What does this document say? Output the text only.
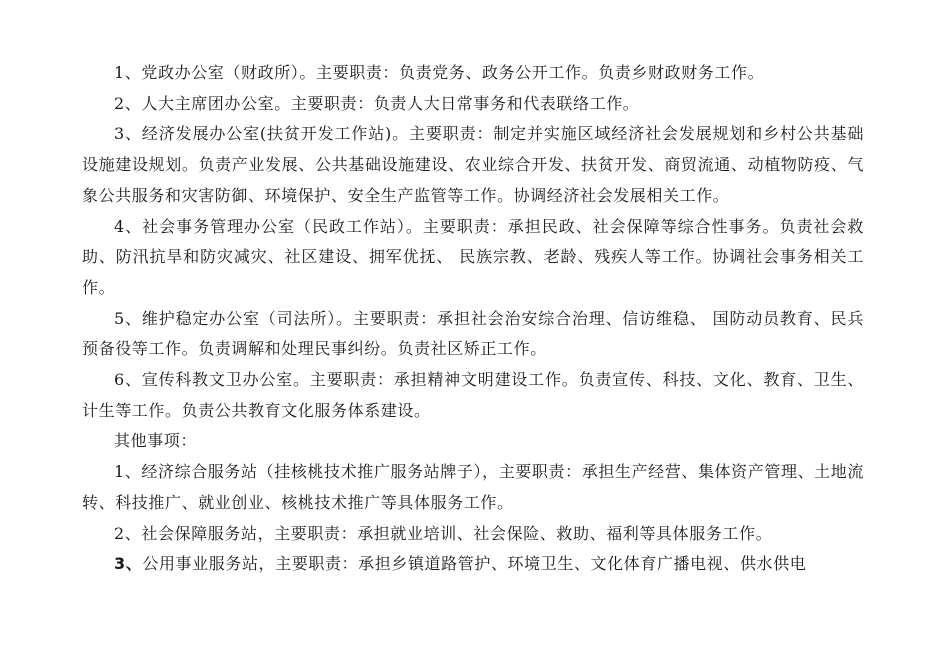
1、党政办公室（财政所）。主要职责：负责党务、政务公开工作。负责乡财政财务工作。

2、人大主席团办公室。主要职责：负责人大日常事务和代表联络工作。

3、经济发展办公室(扶贫开发工作站)。主要职责：制定并实施区域经济社会发展规划和乡村公共基础设施建设规划。负责产业发展、公共基础设施建设、农业综合开发、扶贫开发、商贸流通、动植物防疫、气象公共服务和灾害防御、环境保护、安全生产监管等工作。协调经济社会发展相关工作。

4、社会事务管理办公室（民政工作站）。主要职责：承担民政、社会保障等综合性事务。负责社会救助、防汛抗旱和防灾减灾、社区建设、拥军优抚、 民族宗教、老龄、残疾人等工作。协调社会事务相关工作。

5、维护稳定办公室（司法所）。主要职责：承担社会治安综合治理、信访维稳、 国防动员教育、民兵预备役等工作。负责调解和处理民事纠纷。负责社区矫正工作。

6、宣传科教文卫办公室。主要职责：承担精神文明建设工作。负责宣传、科技、文化、教育、卫生、计生等工作。负责公共教育文化服务体系建设。

其他事项：

1、经济综合服务站（挂核桃技术推广服务站牌子），主要职责：承担生产经营、集体资产管理、土地流转、科技推广、就业创业、核桃技术推广等具体服务工作。

2、社会保障服务站，主要职责：承担就业培训、社会保险、救助、福利等具体服务工作。

3、公用事业服务站，主要职责：承担乡镇道路管护、环境卫生、文化体育广播电视、供水供电
